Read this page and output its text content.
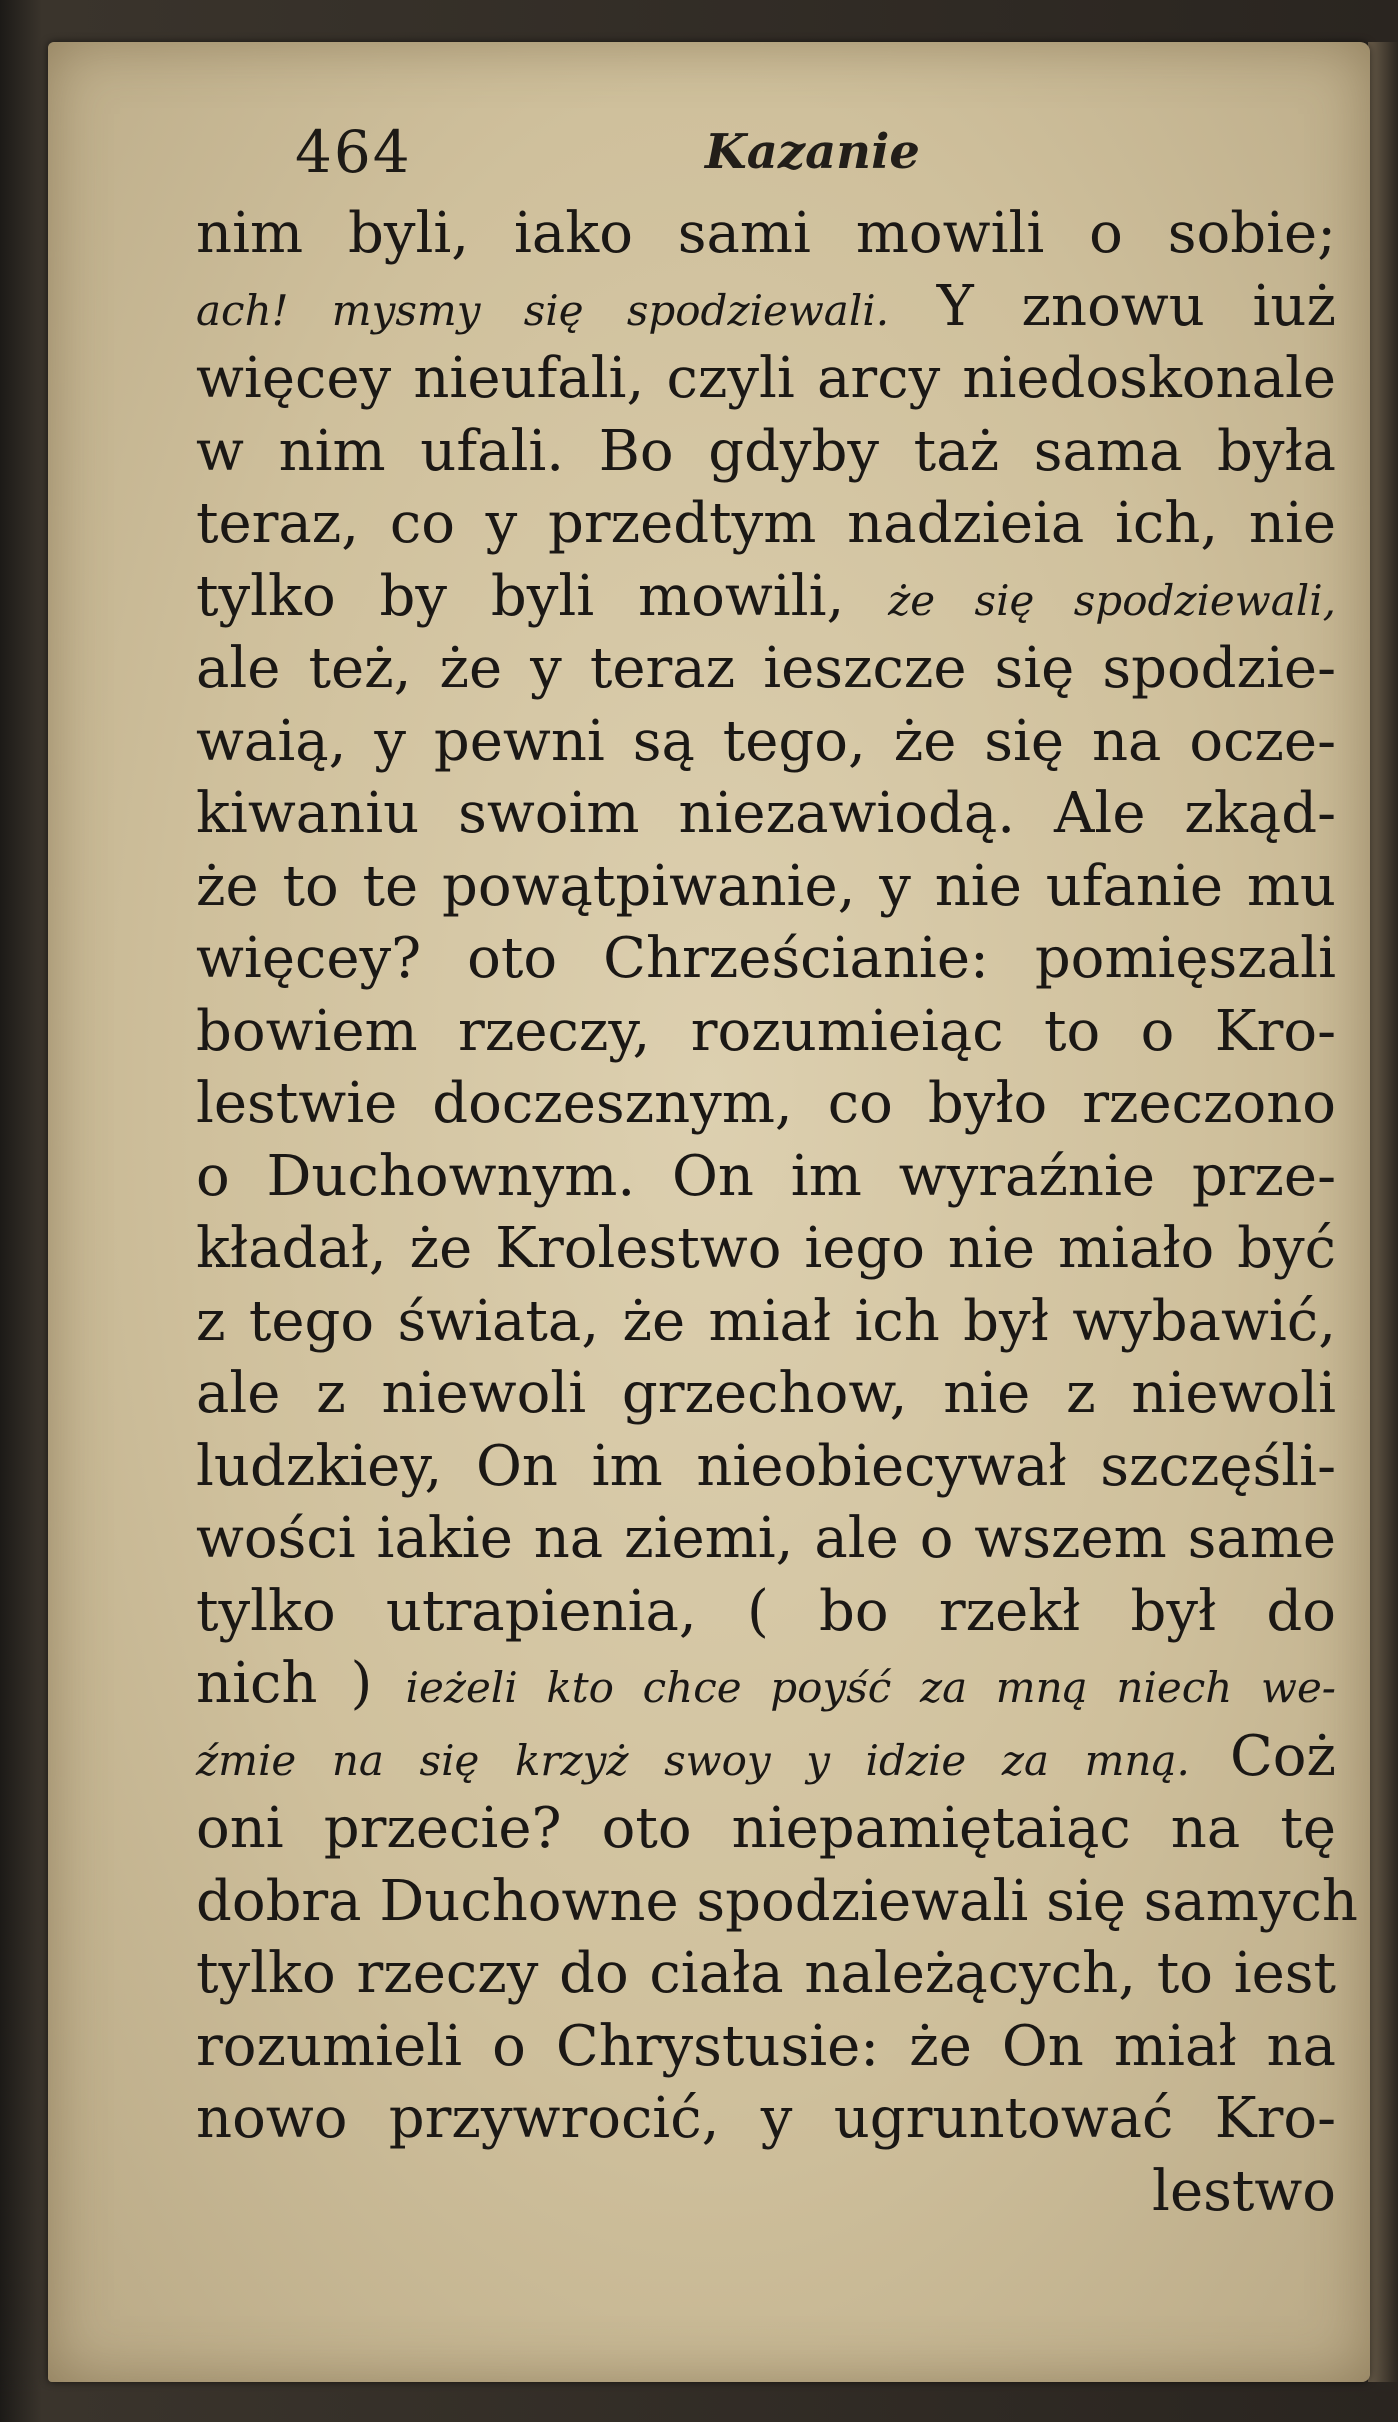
464	Kazanie
nim byli, iako sami mowili o sobie;
ach! mysmy się spodziewali. Y znowu iuż
więcey nieufali, czyli arcy niedoskonale
w nim ufali. Bo gdyby taż sama była
teraz, co y przedtym nadzieia ich, nie
tylko by byli mowili, że się spodziewali,
ale też, że y teraz ieszcze się spodzie-
waią, y pewni są tego, że się na ocze-
kiwaniu swoim niezawiodą. Ale zkąd-
że to te powątpiwanie, y nie ufanie mu
więcey? oto Chrześcianie: pomięszali
bowiem rzeczy, rozumieiąc to o Kro-
lestwie doczesznym, co było rzeczono
o Duchownym. On im wyraźnie prze-
kładał, że Krolestwo iego nie miało być
z tego świata, że miał ich był wybawić,
ale z niewoli grzechow, nie z niewoli
ludzkiey, On im nieobiecywał szczęśli-
wości iakie na ziemi, ale o wszem same
tylko utrapienia, ( bo rzekł był do
nich ) ieżeli kto chce poyść za mną niech we-
źmie na się krzyż swoy y idzie za mną. Coż
oni przecie? oto niepamiętaiąc na tę
dobra Duchowne spodziewali się samych
tylko rzeczy do ciała należących, to iest
rozumieli o Chrystusie: że On miał na
nowo przywrocić, y ugruntować Kro-
lestwo
